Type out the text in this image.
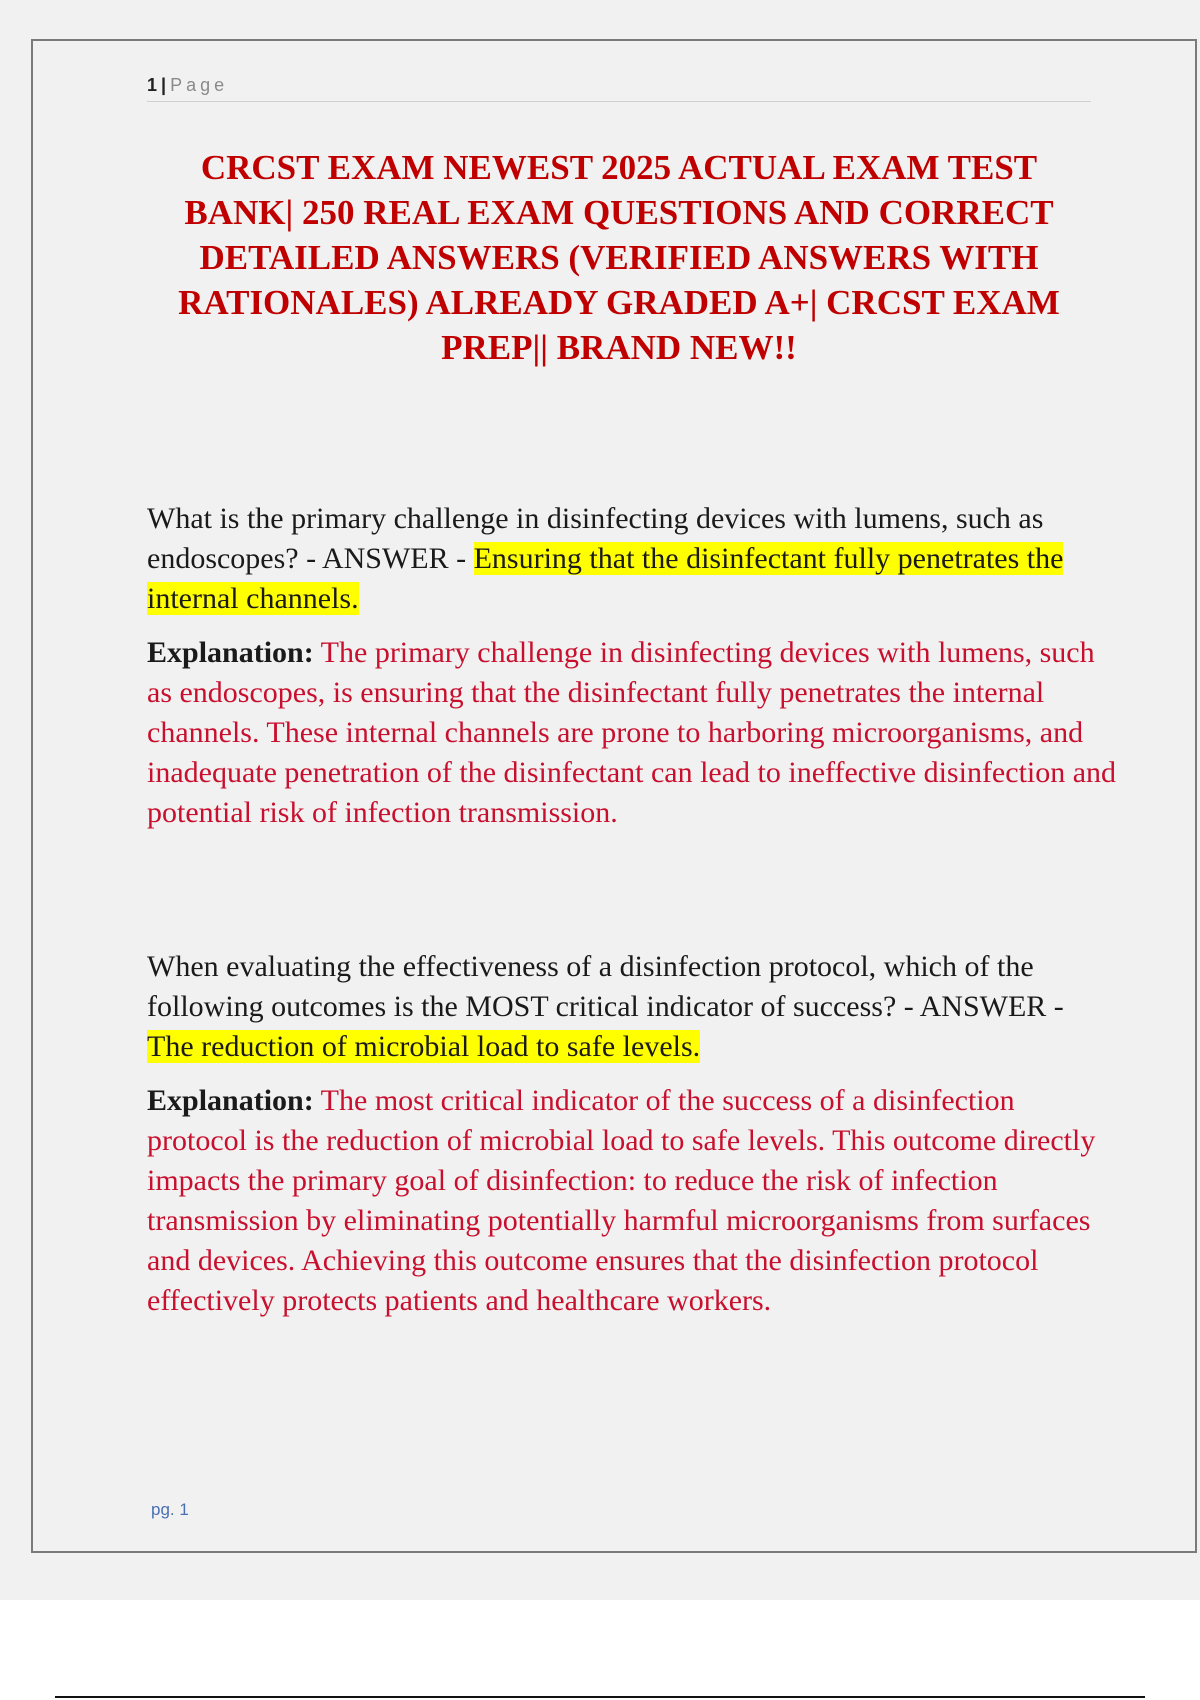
1 | Page
CRCST EXAM NEWEST 2025 ACTUAL EXAM TEST BANK| 250 REAL EXAM QUESTIONS AND CORRECT DETAILED ANSWERS (VERIFIED ANSWERS WITH RATIONALES) ALREADY GRADED A+| CRCST EXAM PREP|| BRAND NEW!!

What is the primary challenge in disinfecting devices with lumens, such as endoscopes? - ANSWER - Ensuring that the disinfectant fully penetrates the internal channels.

Explanation: The primary challenge in disinfecting devices with lumens, such as endoscopes, is ensuring that the disinfectant fully penetrates the internal channels. These internal channels are prone to harboring microorganisms, and inadequate penetration of the disinfectant can lead to ineffective disinfection and potential risk of infection transmission.

When evaluating the effectiveness of a disinfection protocol, which of the following outcomes is the MOST critical indicator of success? - ANSWER - The reduction of microbial load to safe levels.

Explanation: The most critical indicator of the success of a disinfection protocol is the reduction of microbial load to safe levels. This outcome directly impacts the primary goal of disinfection: to reduce the risk of infection transmission by eliminating potentially harmful microorganisms from surfaces and devices. Achieving this outcome ensures that the disinfection protocol effectively protects patients and healthcare workers.

pg. 1
